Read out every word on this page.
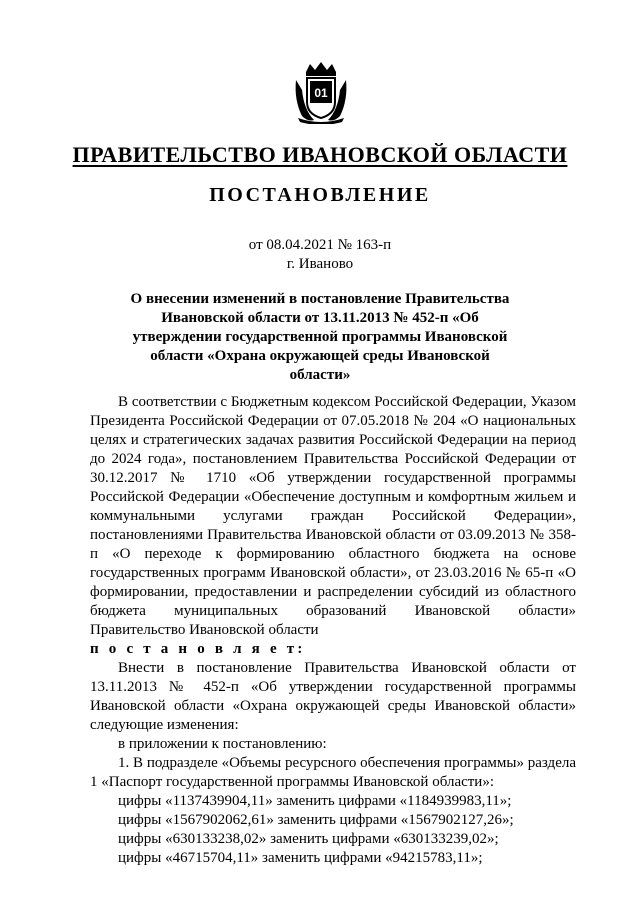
01
ПРАВИТЕЛЬСТВО ИВАНОВСКОЙ ОБЛАСТИ
ПОСТАНОВЛЕНИЕ
от 08.04.2021 № 163-п
г. Иваново
О внесении изменений в постановление Правительства Ивановской области от 13.11.2013 № 452-п «Об утверждении государственной программы Ивановской области «Охрана окружающей среды Ивановской области»

В соответствии с Бюджетным кодексом Российской Федерации, Указом Президента Российской Федерации от 07.05.2018 № 204 «О национальных целях и стратегических задачах развития Российской Федерации на период до 2024 года», постановлением Правительства Российской Федерации от 30.12.2017 № 1710 «Об утверждении государственной программы Российской Федерации «Обеспечение доступным и комфортным жильем и коммунальными услугами граждан Российской Федерации», постановлениями Правительства Ивановской области от 03.09.2013 № 358-п «О переходе к формированию областного бюджета на основе государственных программ Ивановской области», от 23.03.2016 № 65-п «О формировании, предоставлении и распределении субсидий из областного бюджета муниципальных образований Ивановской области» Правительство Ивановской области

п о с т а н о в л я е т:

Внести в постановление Правительства Ивановской области от 13.11.2013 № 452-п «Об утверждении государственной программы Ивановской области «Охрана окружающей среды Ивановской области» следующие изменения:

в приложении к постановлению:

1. В подразделе «Объемы ресурсного обеспечения программы» раздела 1 «Паспорт государственной программы Ивановской области»:

цифры «1137439904,11» заменить цифрами «1184939983,11»;

цифры «1567902062,61» заменить цифрами «1567902127,26»;

цифры «630133238,02» заменить цифрами «630133239,02»;

цифры «46715704,11» заменить цифрами «94215783,11»;
